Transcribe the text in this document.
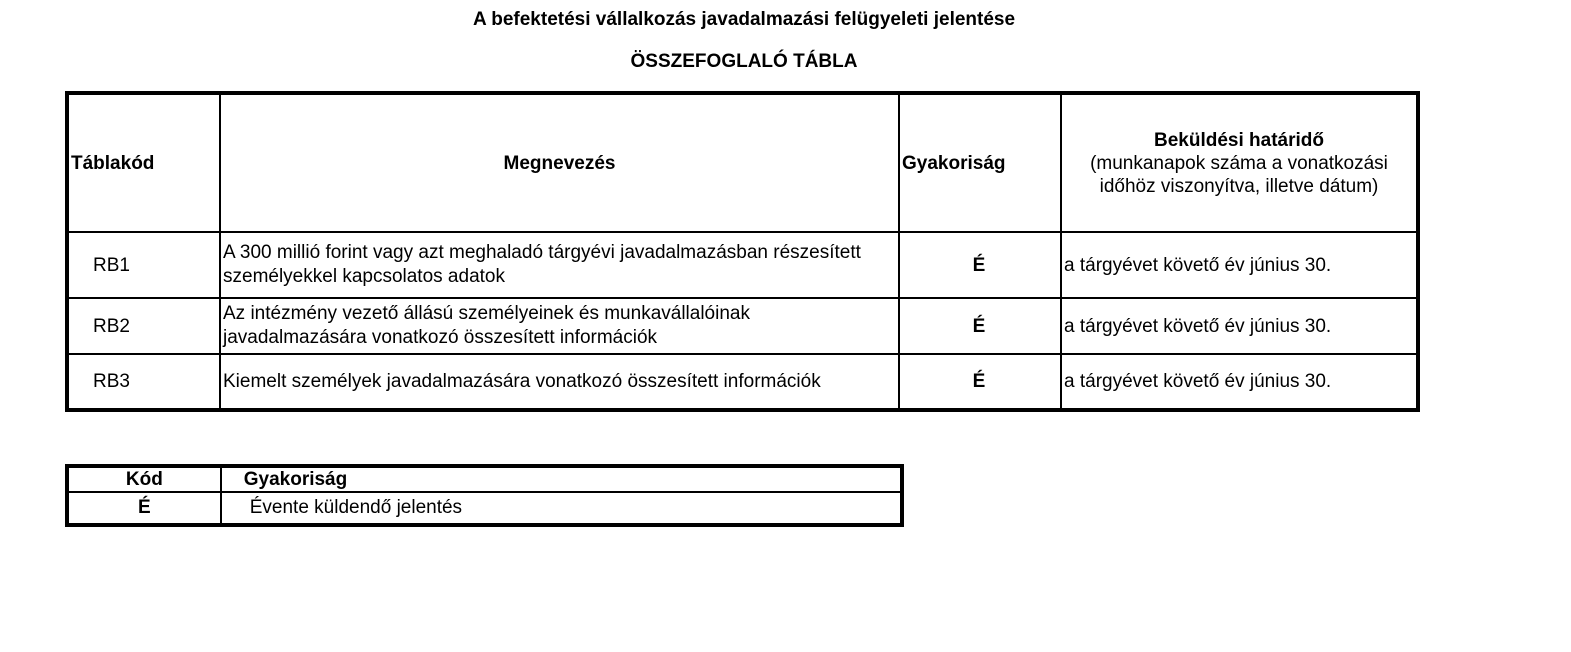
A befektetési vállalkozás javadalmazási felügyeleti jelentése
ÖSSZEFOGLALÓ TÁBLA
Táblakód	Megnevezés	Gyakoriság	Beküldési határidő
(munkanapok száma a vonatkozási időhöz viszonyítva, illetve dátum)

RB1	A 300 millió forint vagy azt meghaladó tárgyévi javadalmazásban részesített személyekkel kapcsolatos adatok	É	a tárgyévet követő év június 30.
RB2	Az intézmény vezető állású személyeinek és munkavállalóinak javadalmazására vonatkozó összesített információk	É	a tárgyévet követő év június 30.
RB3	Kiemelt személyek javadalmazására vonatkozó összesített információk	É	a tárgyévet követő év június 30.
Kód	Gyakoriság
É	Évente küldendő jelentés
